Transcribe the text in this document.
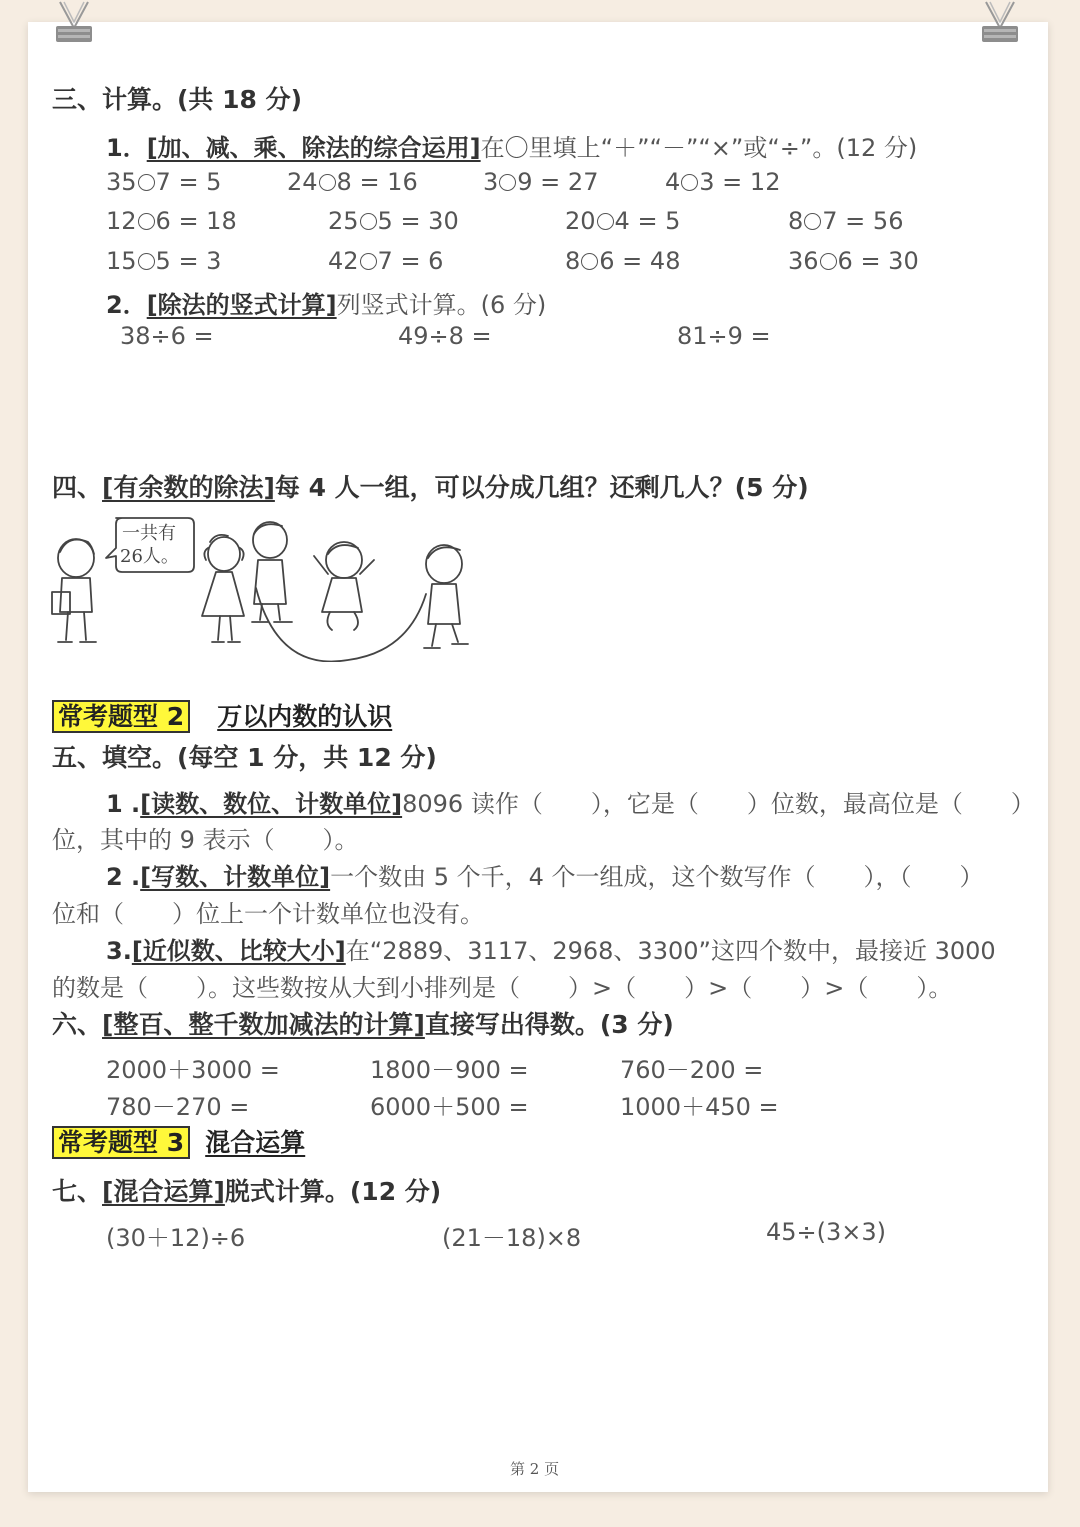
三、计算。(共 18 分)
1．[加、减、乘、除法的综合运用]在〇里填上“＋”“－”“×”或“÷”。(12 分)
35 7 = 5	24 8 = 16	3 9 = 27	4 3 = 12
12 6 = 18	25 5 = 30	20 4 = 5	8 7 = 56
15 5 = 3	42 7 = 6	8 6 = 48	36 6 = 30
2．[除法的竖式计算]列竖式计算。(6 分)
38÷6 =	49÷8 =	81÷9 =
四、[有余数的除法]每 4 人一组，可以分成几组？还剩几人？(5 分)
一共有
26人。
常考题型 2 万以内数的认识
五、填空。(每空 1 分，共 12 分)
1 .[读数、数位、计数单位]8096 读作（　　），它是（　　）位数，最高位是（　　）
位，其中的 9 表示（　　）。
2 .[写数、计数单位]一个数由 5 个千，4 个一组成，这个数写作（　　），（　　）
位和（　　）位上一个计数单位也没有。
3.[近似数、比较大小]在“2889、3117、2968、3300”这四个数中，最接近 3000
的数是（　　）。这些数按从大到小排列是（　　）>（　　）>（　　）>（　　）。
六、[整百、整千数加减法的计算]直接写出得数。(3 分)
2000＋3000 =	1800－900 =	760－200 =
780－270 =	6000＋500 =	1000＋450 =
常考题型 3 混合运算
七、[混合运算]脱式计算。(12 分)
(30＋12)÷6	(21－18)×8	45÷(3×3)
第 2 页
